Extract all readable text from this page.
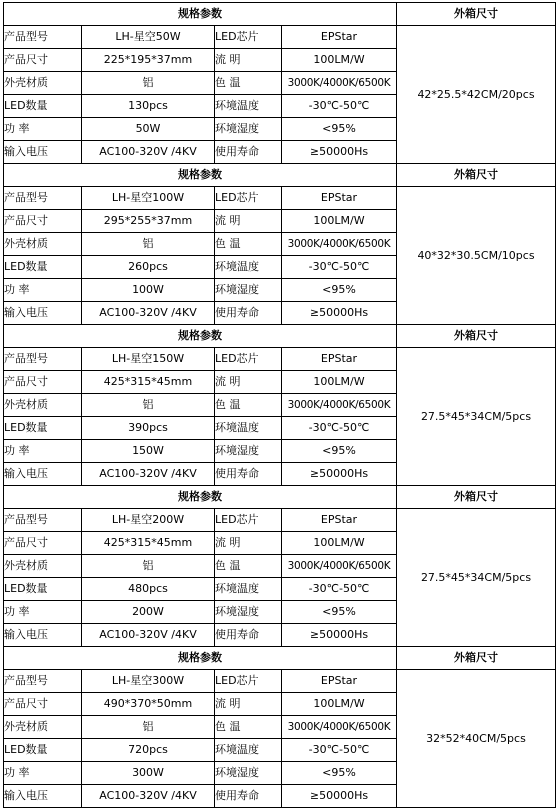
规格参数				外箱尺寸
产品型号	LH-星空50W	LED芯片	EPStar	42*25.5*42CM/20pcs
产品尺寸	225*195*37mm	流 明	100LM/W	
外壳材质	铝	色 温	3000K/4000K/6500K	
LED数量	130pcs	环境温度	-30℃-50℃	
功 率	50W	环境湿度	<95%	
输入电压	AC100-320V /4KV	使用寿命	≥50000Hs	
规格参数				外箱尺寸
产品型号	LH-星空100W	LED芯片	EPStar	40*32*30.5CM/10pcs
产品尺寸	295*255*37mm	流 明	100LM/W	
外壳材质	铝	色 温	3000K/4000K/6500K	
LED数量	260pcs	环境温度	-30℃-50℃	
功 率	100W	环境湿度	<95%	
输入电压	AC100-320V /4KV	使用寿命	≥50000Hs	
规格参数				外箱尺寸
产品型号	LH-星空150W	LED芯片	EPStar	27.5*45*34CM/5pcs
产品尺寸	425*315*45mm	流 明	100LM/W	
外壳材质	铝	色 温	3000K/4000K/6500K	
LED数量	390pcs	环境温度	-30℃-50℃	
功 率	150W	环境湿度	<95%	
输入电压	AC100-320V /4KV	使用寿命	≥50000Hs	
规格参数				外箱尺寸
产品型号	LH-星空200W	LED芯片	EPStar	27.5*45*34CM/5pcs
产品尺寸	425*315*45mm	流 明	100LM/W	
外壳材质	铝	色 温	3000K/4000K/6500K	
LED数量	480pcs	环境温度	-30℃-50℃	
功 率	200W	环境湿度	<95%	
输入电压	AC100-320V /4KV	使用寿命	≥50000Hs	
规格参数				外箱尺寸
产品型号	LH-星空300W	LED芯片	EPStar	32*52*40CM/5pcs
产品尺寸	490*370*50mm	流 明	100LM/W	
外壳材质	铝	色 温	3000K/4000K/6500K	
LED数量	720pcs	环境温度	-30℃-50℃	
功 率	300W	环境湿度	<95%	
输入电压	AC100-320V /4KV	使用寿命	≥50000Hs	
